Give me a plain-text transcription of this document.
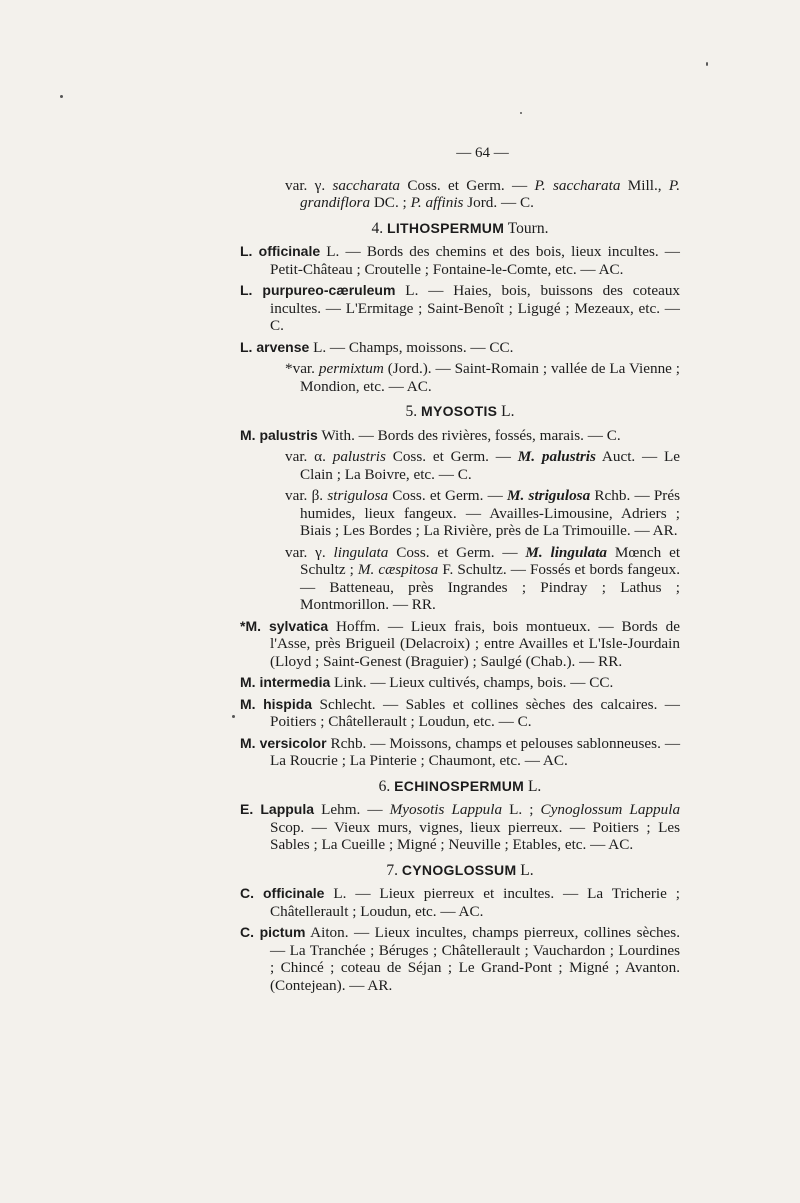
— 64 —

var. γ. saccharata Coss. et Germ. — P. saccharata Mill., P. grandiflora DC. ; P. affinis Jord. — C.

4. LITHOSPERMUM Tourn.

L. officinale L. — Bords des chemins et des bois, lieux incultes. — Petit-Château ; Croutelle ; Fontaine-le-Comte, etc. — AC.

L. purpureo-cæruleum L. — Haies, bois, buissons des coteaux incultes. — L'Ermitage ; Saint-Benoît ; Ligugé ; Mezeaux, etc. — C.

L. arvense L. — Champs, moissons. — CC.

*var. permixtum (Jord.). — Saint-Romain ; vallée de La Vienne ; Mondion, etc. — AC.

5. MYOSOTIS L.

M. palustris With. — Bords des rivières, fossés, marais. — C.

var. α. palustris Coss. et Germ. — M. palustris Auct. — Le Clain ; La Boivre, etc. — C.

var. β. strigulosa Coss. et Germ. — M. strigulosa Rchb. — Prés humides, lieux fangeux. — Availles-Limousine, Adriers ; Biais ; Les Bordes ; La Rivière, près de La Trimouille. — AR.

var. γ. lingulata Coss. et Germ. — M. lingulata Mœnch et Schultz ; M. cæspitosa F. Schultz. — Fossés et bords fangeux. — Batteneau, près Ingrandes ; Pindray ; Lathus ; Montmorillon. — RR.

*M. sylvatica Hoffm. — Lieux frais, bois montueux. — Bords de l'Asse, près Brigueil (Delacroix) ; entre Availles et L'Isle-Jourdain (Lloyd ; Saint-Genest (Braguier) ; Saulgé (Chab.). — RR.

M. intermedia Link. — Lieux cultivés, champs, bois. — CC.

M. hispida Schlecht. — Sables et collines sèches des calcaires. — Poitiers ; Châtellerault ; Loudun, etc. — C.

M. versicolor Rchb. — Moissons, champs et pelouses sablonneuses. — La Roucrie ; La Pinterie ; Chaumont, etc. — AC.

6. ECHINOSPERMUM L.

E. Lappula Lehm. — Myosotis Lappula L. ; Cynoglossum Lappula Scop. — Vieux murs, vignes, lieux pierreux. — Poitiers ; Les Sables ; La Cueille ; Migné ; Neuville ; Etables, etc. — AC.

7. CYNOGLOSSUM L.

C. officinale L. — Lieux pierreux et incultes. — La Tricherie ; Châtellerault ; Loudun, etc. — AC.

C. pictum Aiton. — Lieux incultes, champs pierreux, collines sèches. — La Tranchée ; Béruges ; Châtellerault ; Vauchardon ; Lourdines ; Chincé ; coteau de Séjan ; Le Grand-Pont ; Migné ; Avanton. (Contejean). — AR.
